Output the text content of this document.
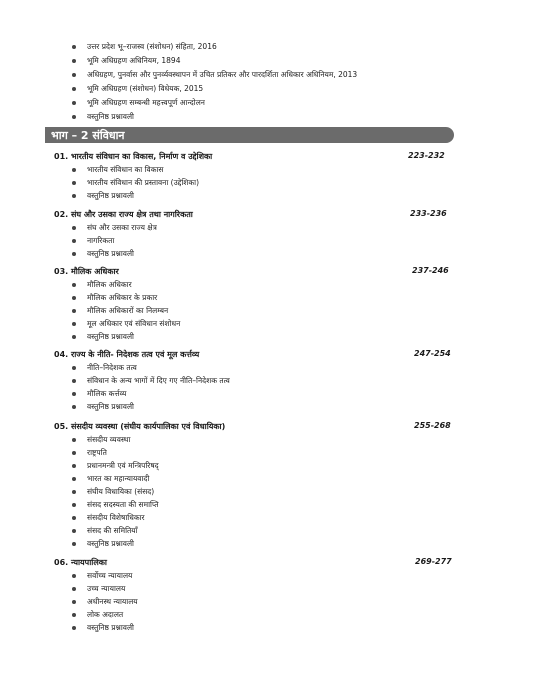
उत्तर प्रदेश भू–राजस्व (संशोधन) संहिता, 2016
भूमि अधिग्रहण अधिनियम, 1894
अधिग्रहण, पुनर्वास और पुनर्व्यवस्थापन में उचित प्रतिकर और पारदर्शिता अधिकार अधिनियम, 2013
भूमि अधिग्रहण (संशोधन) विधेयक, 2015
भूमि अधिग्रहण सम्बन्धी महत्त्वपूर्ण आन्दोलन
वस्तुनिष्ठ प्रश्नावली
भाग – 2 संविधान
01. भारतीय संविधान का विकास, निर्माण व उद्देशिका	223-232
भारतीय संविधान का विकास
भारतीय संविधान की प्रस्तावना (उद्देशिका)
वस्तुनिष्ठ प्रश्नावली
02. संघ और उसका राज्य क्षेत्र तथा नागरिकता	233-236
संघ और उसका राज्य क्षेत्र
नागरिकता
वस्तुनिष्ठ प्रश्नावली
03. मौलिक अधिकार	237-246
मौलिक अधिकार
मौलिक अधिकार के प्रकार
मौलिक अधिकारों का निलम्बन
मूल अधिकार एवं संविधान संशोधन
वस्तुनिष्ठ प्रश्नावली
04. राज्य के नीति- निदेशक तत्व एवं मूल कर्त्तव्य	247-254
नीति–निदेशक तत्व
संविधान के अन्य भागों में दिए गए नीति–निदेशक तत्व
मौलिक कर्त्तव्य
वस्तुनिष्ठ प्रश्नावली
05. संसदीय व्यवस्था (संघीय कार्यपालिका एवं विधायिका)	255-268
संसदीय व्यवस्था
राष्ट्रपति
प्रधानमन्त्री एवं मन्त्रिपरिषद्
भारत का महान्यायवादी
संघीय विधायिका (संसद)
संसद सदस्यता की समाप्ति
संसदीय विशेषाधिकार
संसद की समितियाँ
वस्तुनिष्ठ प्रश्नावली
06. न्यायपालिका	269-277
सर्वोच्च न्यायालय
उच्च न्यायालय
अधीनस्थ न्यायालय
लोक अदालत
वस्तुनिष्ठ प्रश्नावली
